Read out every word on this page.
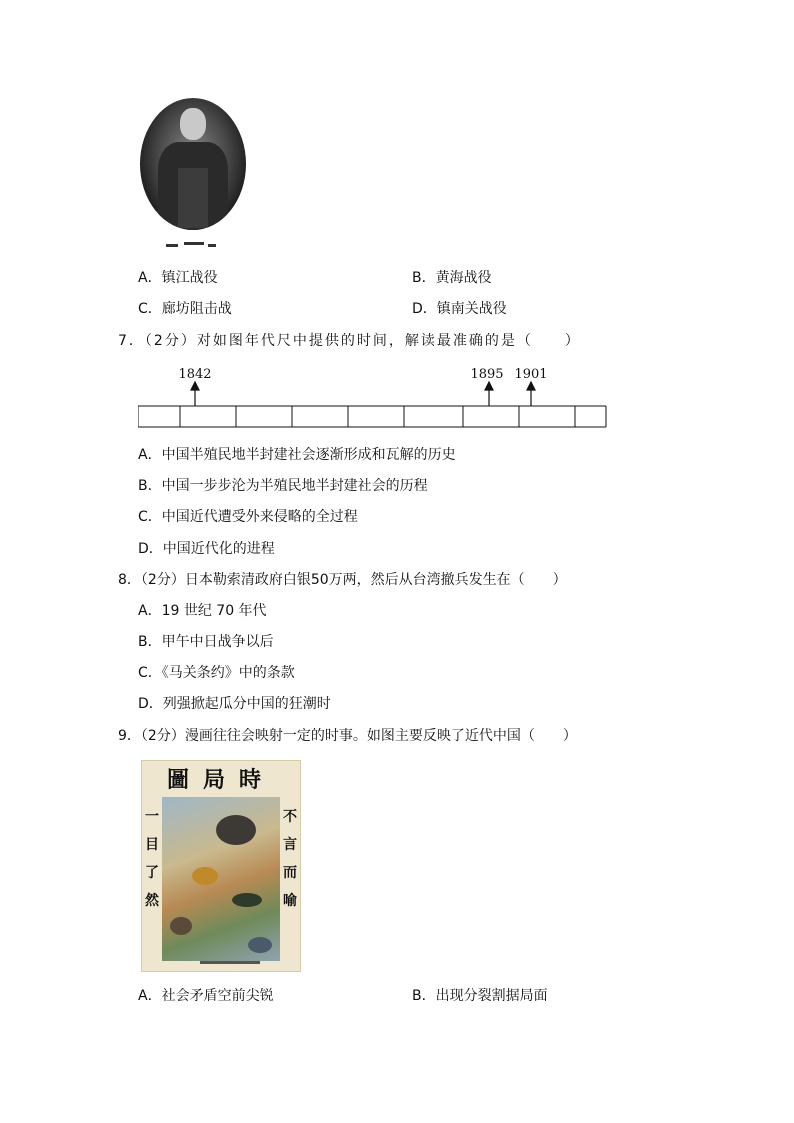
A．镇江战役	B．黄海战役
C．廊坊阻击战	D．镇南关战役
7．（2分）对如图年代尺中提供的时间，解读最准确的是（　　）
1842	1895 1901
A．中国半殖民地半封建社会逐渐形成和瓦解的历史
B．中国一步步沦为半殖民地半封建社会的历程
C．中国近代遭受外来侵略的全过程
D．中国近代化的进程
8．（2分）日本勒索清政府白银50万两，然后从台湾撤兵发生在（　　）
A．19 世纪 70 年代
B．甲午中日战争以后
C．《马关条约》中的条款
D．列强掀起瓜分中国的狂潮时
9．（2分）漫画往往会映射一定的时事。如图主要反映了近代中国（　　）
圖局時
一目了然
不言而喻
A．社会矛盾空前尖锐	B．出现分裂割据局面
